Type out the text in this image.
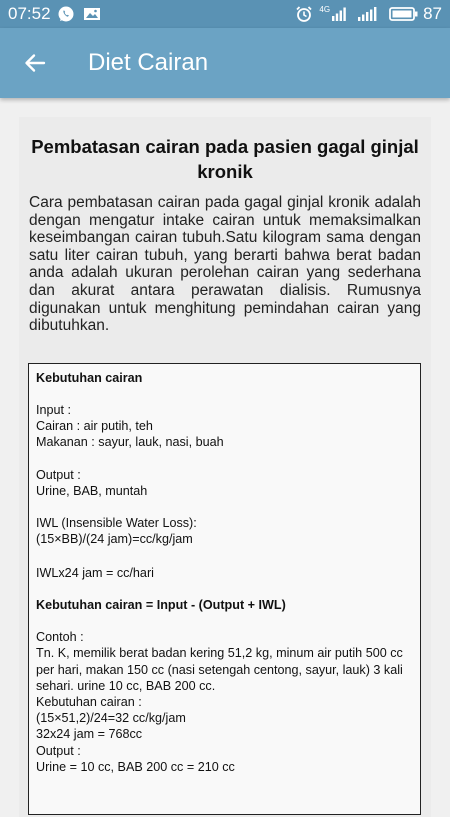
07:52	4G	87
Diet Cairan
Pembatasan cairan pada pasien gagal ginjal kronik
Cara pembatasan cairan pada gagal ginjal kronik adalah dengan mengatur intake cairan untuk memaksimalkan keseimbangan cairan tubuh.Satu kilogram sama dengan satu liter cairan tubuh, yang berarti bahwa berat badan anda adalah ukuran perolehan cairan yang sederhana dan akurat antara perawatan dialisis. Rumusnya digunakan untuk menghitung pemindahan cairan yang dibutuhkan.
Kebutuhan cairan
Input :
Cairan : air putih, teh
Makanan : sayur, lauk, nasi, buah
Output :
Urine, BAB, muntah
IWL (Insensible Water Loss):
(15×BB)/(24 jam)=cc/kg/jam
IWLx24 jam = cc/hari
Kebutuhan cairan = Input - (Output + IWL)
Contoh :
Tn. K, memilik berat badan kering 51,2 kg, minum air putih 500 cc
per hari, makan 150 cc (nasi setengah centong, sayur, lauk) 3 kali
sehari. urine 10 cc, BAB 200 cc.
Kebutuhan cairan :
(15×51,2)/24=32 cc/kg/jam
32x24 jam = 768cc
Output :
Urine = 10 cc, BAB 200 cc = 210 cc
